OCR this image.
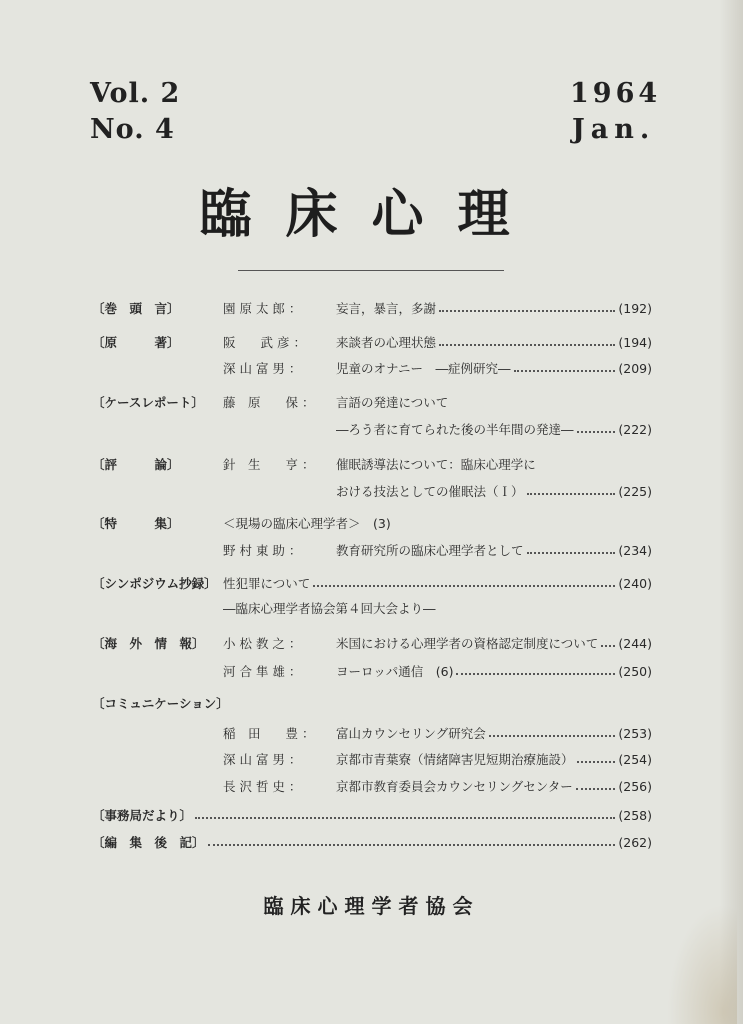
Vol. 2
No. 4
1964
Jan.
臨床心理
〔巻　頭　言〕	園 原 太 郎 ：	妄言，暴言，多謝	(192)
〔原　　　著〕	阪　　武 彦 ： 来談者の心理状態	(194)
深 山 富 男 ：	児童のオナニー　―症例研究―	(209)
〔ケースレポート〕 藤　原　　保 ： 言語の発達について
―ろう者に育てられた後の半年間の発達―	(222)
〔評　　　論〕	針　生　　亨 ： 催眠誘導法について：臨床心理学に
おける技法としての催眠法（Ｉ）	(225)
〔特　　　集〕	＜現場の臨床心理学者＞　(3)
野 村 東 助 ：	教育研究所の臨床心理学者として	(234)
〔シンポジウム抄録〕 性犯罪について	(240)
―臨床心理学者協会第４回大会より―
〔海　外　情　報〕 小 松 教 之 ：	米国における心理学者の資格認定制度について (244)
河 合 隼 雄 ：	ヨーロッパ通信　(6)	(250)
〔コミュニケーション〕
稲　田　　豊 ： 富山カウンセリング研究会	(253)
深 山 富 男 ：	京都市青葉寮（情緒障害児短期治療施設）	(254)
長 沢 哲 史 ：	京都市教育委員会カウンセリングセンター	(256)
〔事務局だより〕	(258)
〔編　集　後　記〕	(262)
臨床心理学者協会
